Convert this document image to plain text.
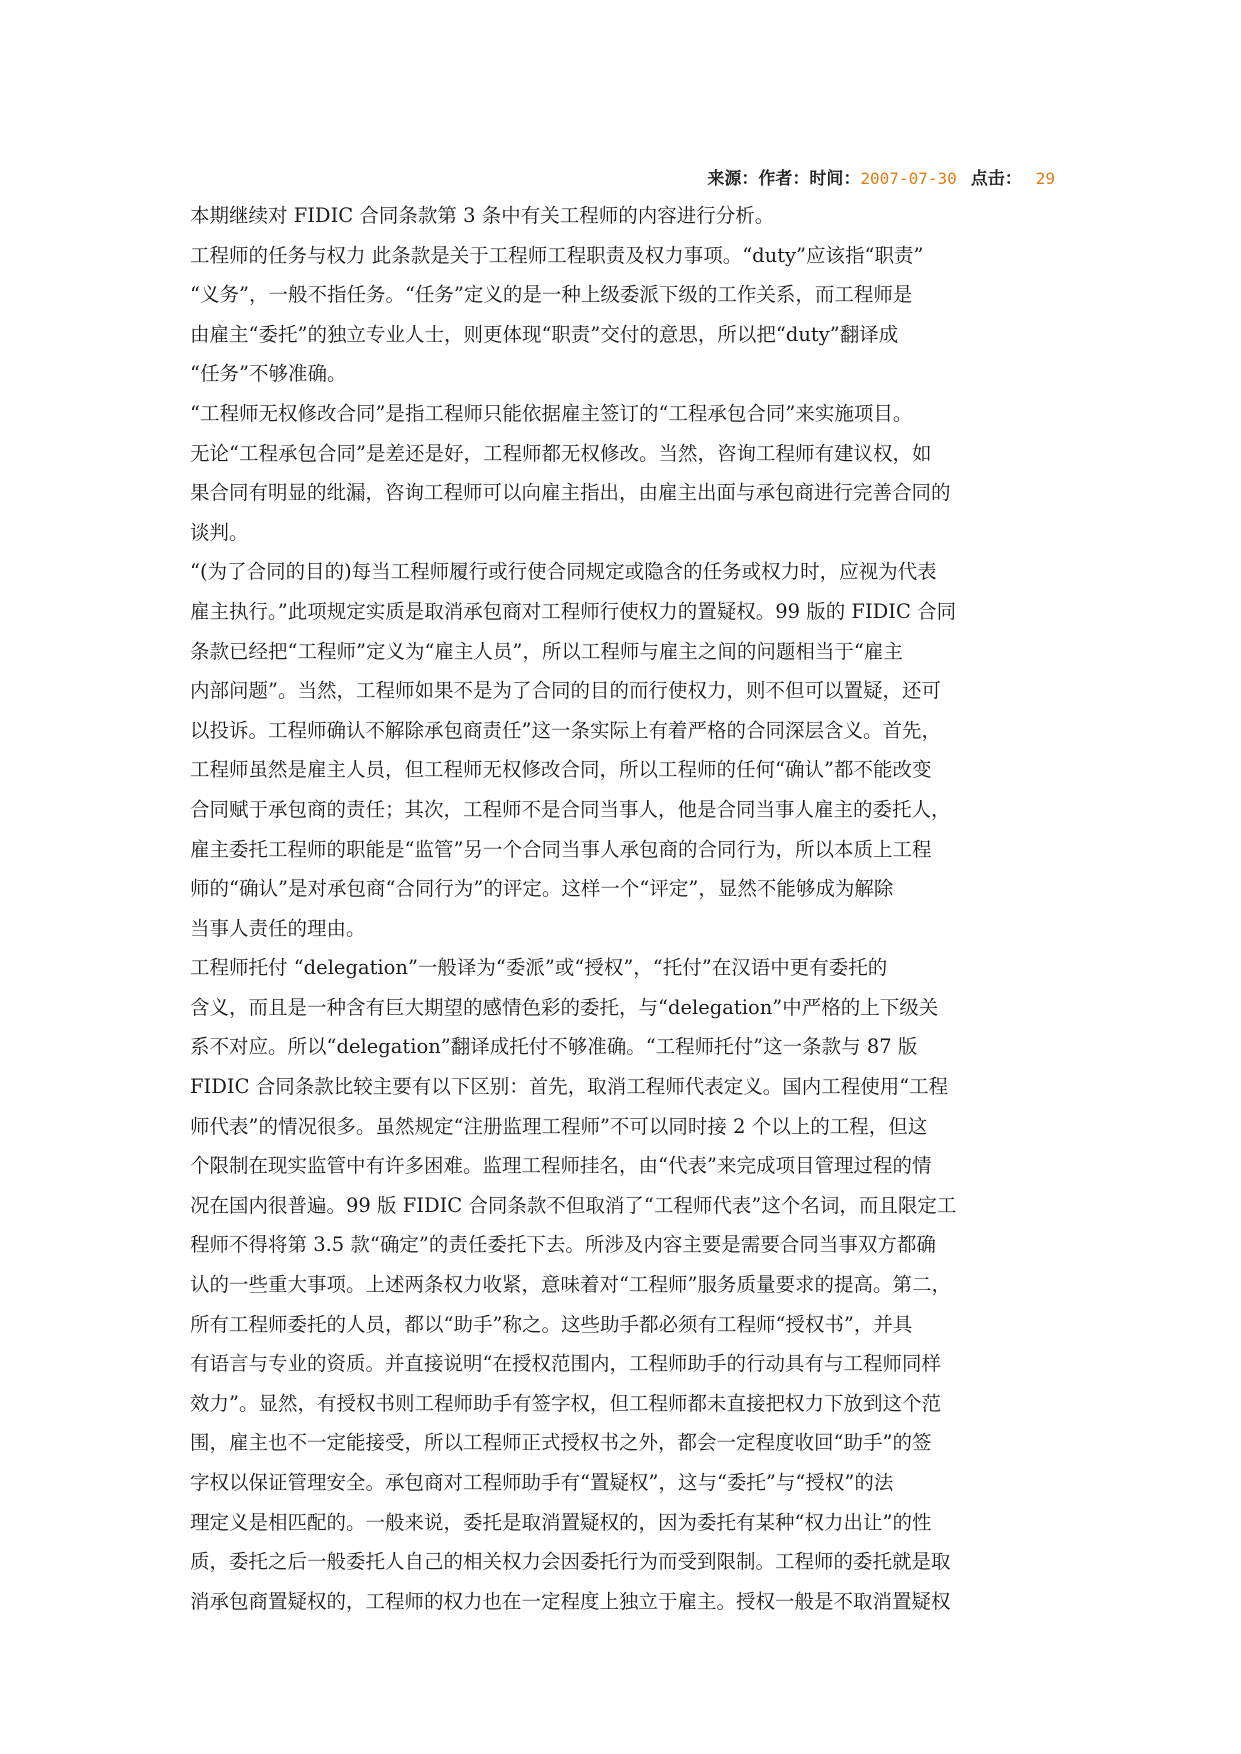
来源：作者：时间：2007-07-30 点击： 29
本期继续对 FIDIC 合同条款第 3 条中有关工程师的内容进行分析。
工程师的任务与权力 此条款是关于工程师工程职责及权力事项。“duty”应该指“职责”
“义务”，一般不指任务。“任务”定义的是一种上级委派下级的工作关系，而工程师是
由雇主“委托”的独立专业人士，则更体现“职责”交付的意思，所以把“duty”翻译成
“任务”不够准确。
“工程师无权修改合同”是指工程师只能依据雇主签订的“工程承包合同”来实施项目。
无论“工程承包合同”是差还是好，工程师都无权修改。当然，咨询工程师有建议权，如
果合同有明显的纰漏，咨询工程师可以向雇主指出，由雇主出面与承包商进行完善合同的
谈判。
“(为了合同的目的)每当工程师履行或行使合同规定或隐含的任务或权力时，应视为代表
雇主执行。”此项规定实质是取消承包商对工程师行使权力的置疑权。99 版的 FIDIC 合同
条款已经把“工程师”定义为“雇主人员”，所以工程师与雇主之间的问题相当于“雇主
内部问题”。当然，工程师如果不是为了合同的目的而行使权力，则不但可以置疑，还可
以投诉。工程师确认不解除承包商责任”这一条实际上有着严格的合同深层含义。首先，
工程师虽然是雇主人员，但工程师无权修改合同，所以工程师的任何“确认”都不能改变
合同赋于承包商的责任；其次，工程师不是合同当事人，他是合同当事人雇主的委托人，
雇主委托工程师的职能是“监管”另一个合同当事人承包商的合同行为，所以本质上工程
师的“确认”是对承包商“合同行为”的评定。这样一个“评定”，显然不能够成为解除
当事人责任的理由。
工程师托付 “delegation”一般译为“委派”或“授权”，“托付”在汉语中更有委托的
含义，而且是一种含有巨大期望的感情色彩的委托，与“delegation”中严格的上下级关
系不对应。所以“delegation”翻译成托付不够准确。“工程师托付”这一条款与 87 版
FIDIC 合同条款比较主要有以下区别：首先，取消工程师代表定义。国内工程使用“工程
师代表”的情况很多。虽然规定“注册监理工程师”不可以同时接 2 个以上的工程，但这
个限制在现实监管中有许多困难。监理工程师挂名，由“代表”来完成项目管理过程的情
况在国内很普遍。99 版 FIDIC 合同条款不但取消了“工程师代表”这个名词，而且限定工
程师不得将第 3.5 款“确定”的责任委托下去。所涉及内容主要是需要合同当事双方都确
认的一些重大事项。上述两条权力收紧，意味着对“工程师”服务质量要求的提高。第二，
所有工程师委托的人员，都以“助手”称之。这些助手都必须有工程师“授权书”，并具
有语言与专业的资质。并直接说明“在授权范围内，工程师助手的行动具有与工程师同样
效力”。显然，有授权书则工程师助手有签字权，但工程师都未直接把权力下放到这个范
围，雇主也不一定能接受，所以工程师正式授权书之外，都会一定程度收回“助手”的签
字权以保证管理安全。承包商对工程师助手有“置疑权”，这与“委托”与“授权”的法
理定义是相匹配的。一般来说，委托是取消置疑权的，因为委托有某种“权力出让”的性
质，委托之后一般委托人自己的相关权力会因委托行为而受到限制。工程师的委托就是取
消承包商置疑权的，工程师的权力也在一定程度上独立于雇主。授权一般是不取消置疑权
